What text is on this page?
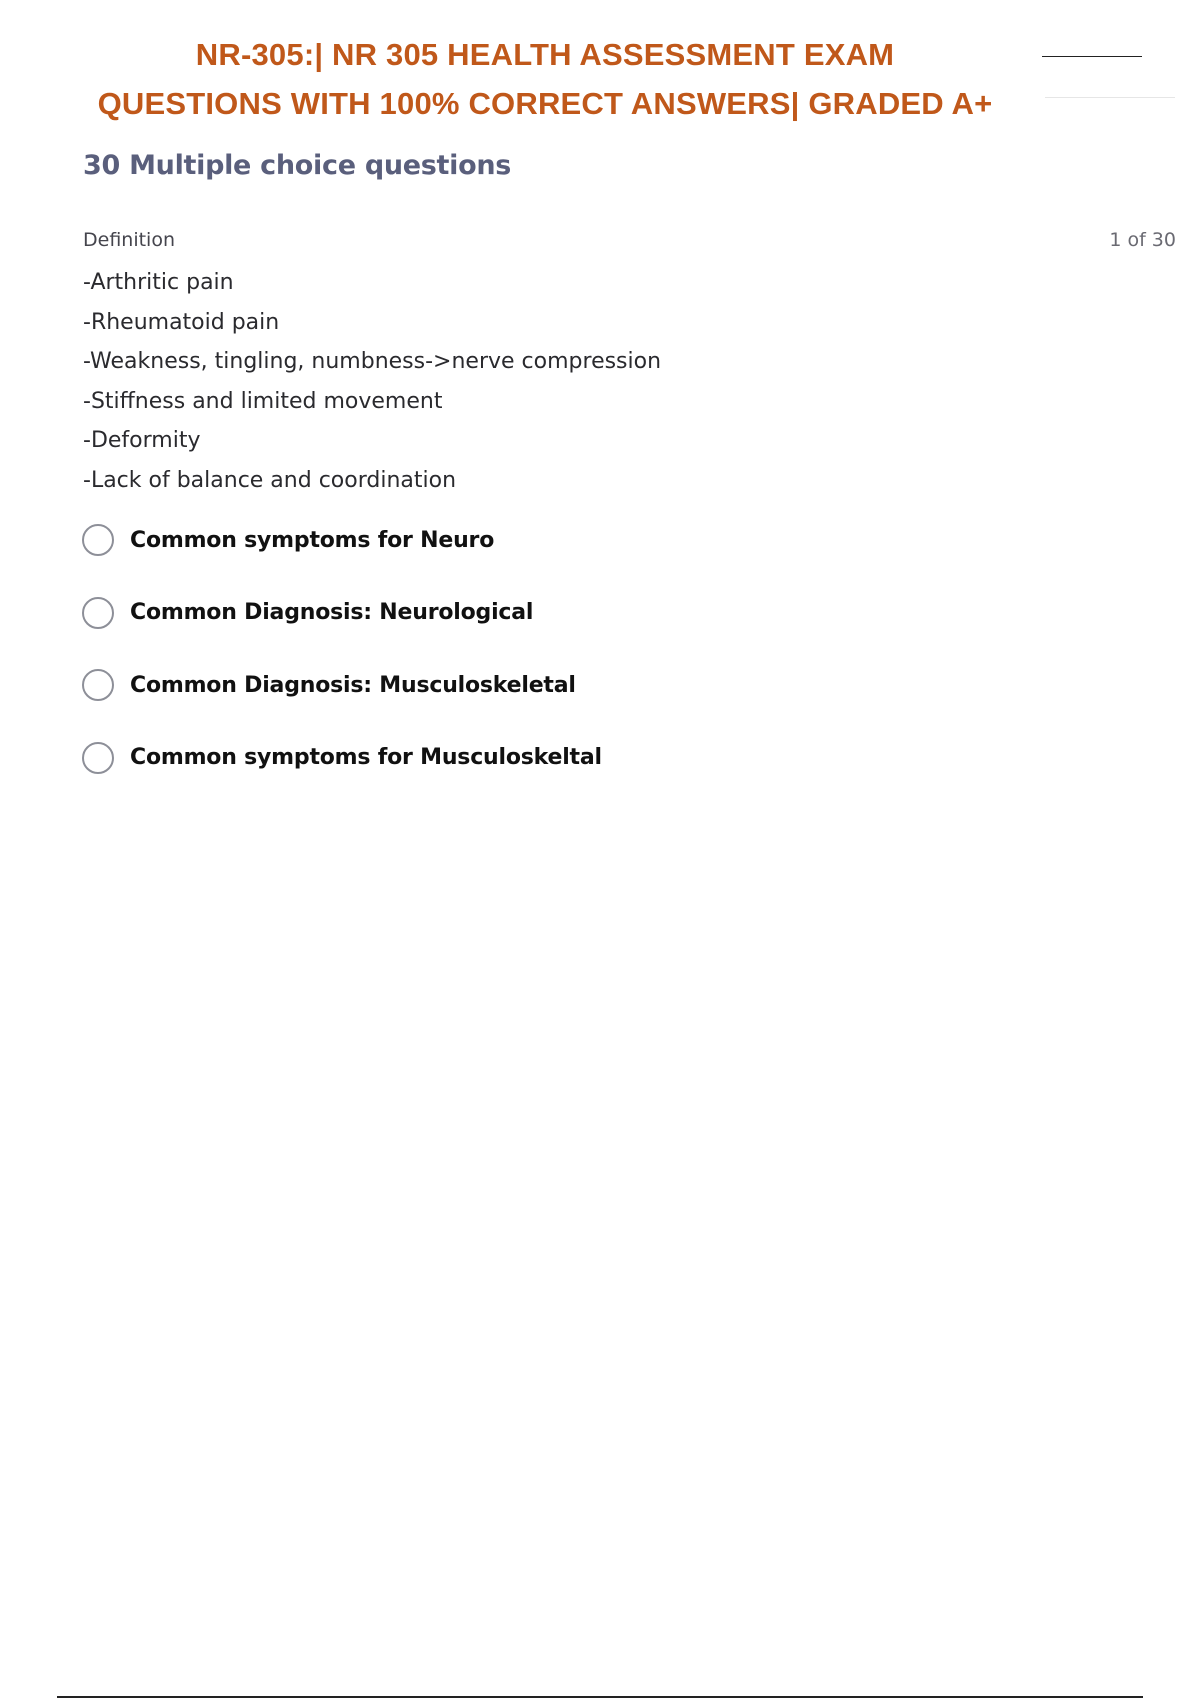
NR-305:| NR 305 HEALTH ASSESSMENT EXAM
QUESTIONS WITH 100% CORRECT ANSWERS| GRADED A+
30 Multiple choice questions
Definition	1 of 30
-Arthritic pain
-Rheumatoid pain
-Weakness, tingling, numbness->nerve compression
-Stiffness and limited movement
-Deformity
-Lack of balance and coordination
Common symptoms for Neuro
Common Diagnosis: Neurological
Common Diagnosis: Musculoskeletal
Common symptoms for Musculoskeltal
